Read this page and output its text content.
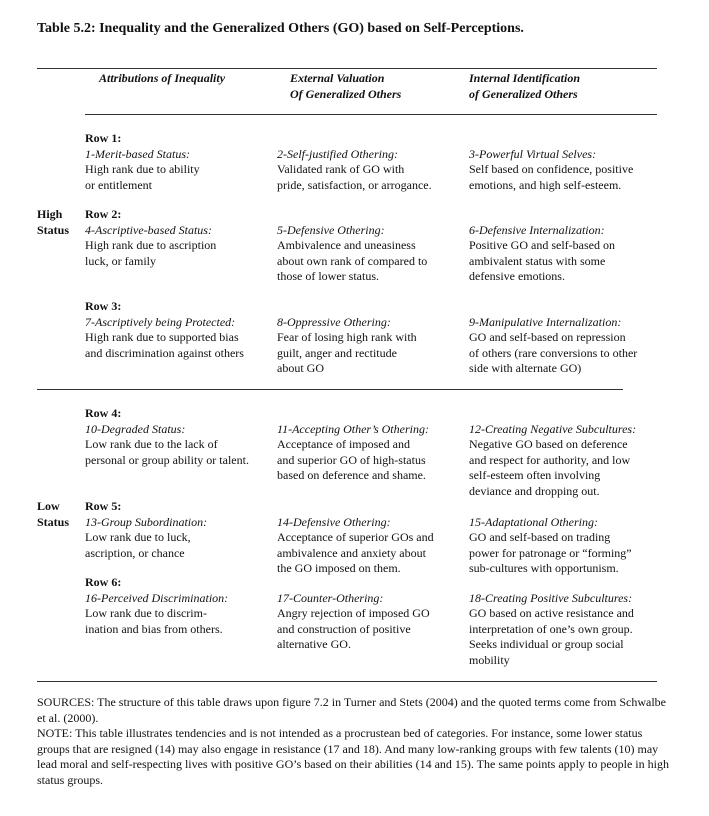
Table 5.2: Inequality and the Generalized Others (GO) based on Self-Perceptions.
Attributions of Inequality	External Valuation
Of Generalized Others
Internal Identification
of Generalized Others
High
Status
Low
Status
Row 1:
1-Merit-based Status:
High rank due to ability
or entitlement
2-Self-justified Othering:
Validated rank of GO with
pride, satisfaction, or arrogance.
3-Powerful Virtual Selves:
Self based on confidence, positive
emotions, and high self-esteem.
Row 2:
4-Ascriptive-based Status:
High rank due to ascription
luck, or family
5-Defensive Othering:
Ambivalence and uneasiness
about own rank of compared to
those of lower status.
6-Defensive Internalization:
Positive GO and self-based on
ambivalent status with some
defensive emotions.
Row 3:
7-Ascriptively being Protected:
High rank due to supported bias
and discrimination against others
8-Oppressive Othering:
Fear of losing high rank with
guilt, anger and rectitude
about GO
9-Manipulative Internalization:
GO and self-based on repression
of others (rare conversions to other
side with alternate GO)
Row 4:
10-Degraded Status:
Low rank due to the lack of
personal or group ability or talent.
11-Accepting Other’s Othering:
Acceptance of imposed and
and superior GO of high-status
based on deference and shame.
12-Creating Negative Subcultures:
Negative GO based on deference
and respect for authority, and low
self-esteem often involving
deviance and dropping out.
Row 5:
13-Group Subordination:
Low rank due to luck,
ascription, or chance
14-Defensive Othering:
Acceptance of superior GOs and
ambivalence and anxiety about
the GO imposed on them.
15-Adaptational Othering:
GO and self-based on trading
power for patronage or “forming”
sub-cultures with opportunism.
Row 6:
16-Perceived Discrimination:
Low rank due to discrim-
ination and bias from others.
17-Counter-Othering:
Angry rejection of imposed GO
and construction of positive
alternative GO.
18-Creating Positive Subcultures:
GO based on active resistance and
interpretation of one’s own group.
Seeks individual or group social
mobility

SOURCES: The structure of this table draws upon figure 7.2 in Turner and Stets (2004) and the quoted terms come from Schwalbe et al. (2000).

NOTE: This table illustrates tendencies and is not intended as a procrustean bed of categories. For instance, some lower status groups that are resigned (14) may also engage in resistance (17 and 18). And many low-ranking groups with few talents (10) may lead moral and self-respecting lives with positive GO’s based on their abilities (14 and 15). The same points apply to people in high status groups.
